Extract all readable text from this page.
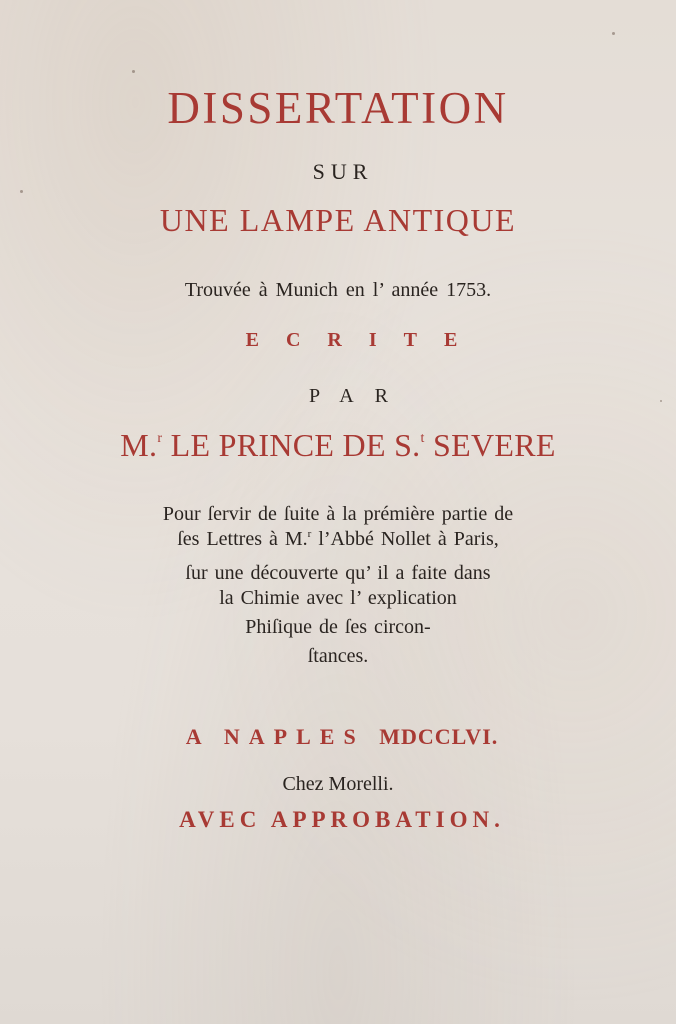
DISSERTATION
SUR
UNE LAMPE ANTIQUE
Trouvée à Munich en l’ année 1753.
ECRITE
PAR
M.$^r$ LE PRINCE DE S.$^t$ SEVERE
Pour ſervir de ſuite à la prémière partie de
ſes Lettres à M.$^r$ l’Abbé Nollet à Paris,
ſur une découverte qu’ il a faite dans
la Chimie avec l’ explication
Phiſique de ſes circon-
ſtances.
A NAPLES MDCCLVI.
Chez Morelli.
AVEC APPROBATION.
